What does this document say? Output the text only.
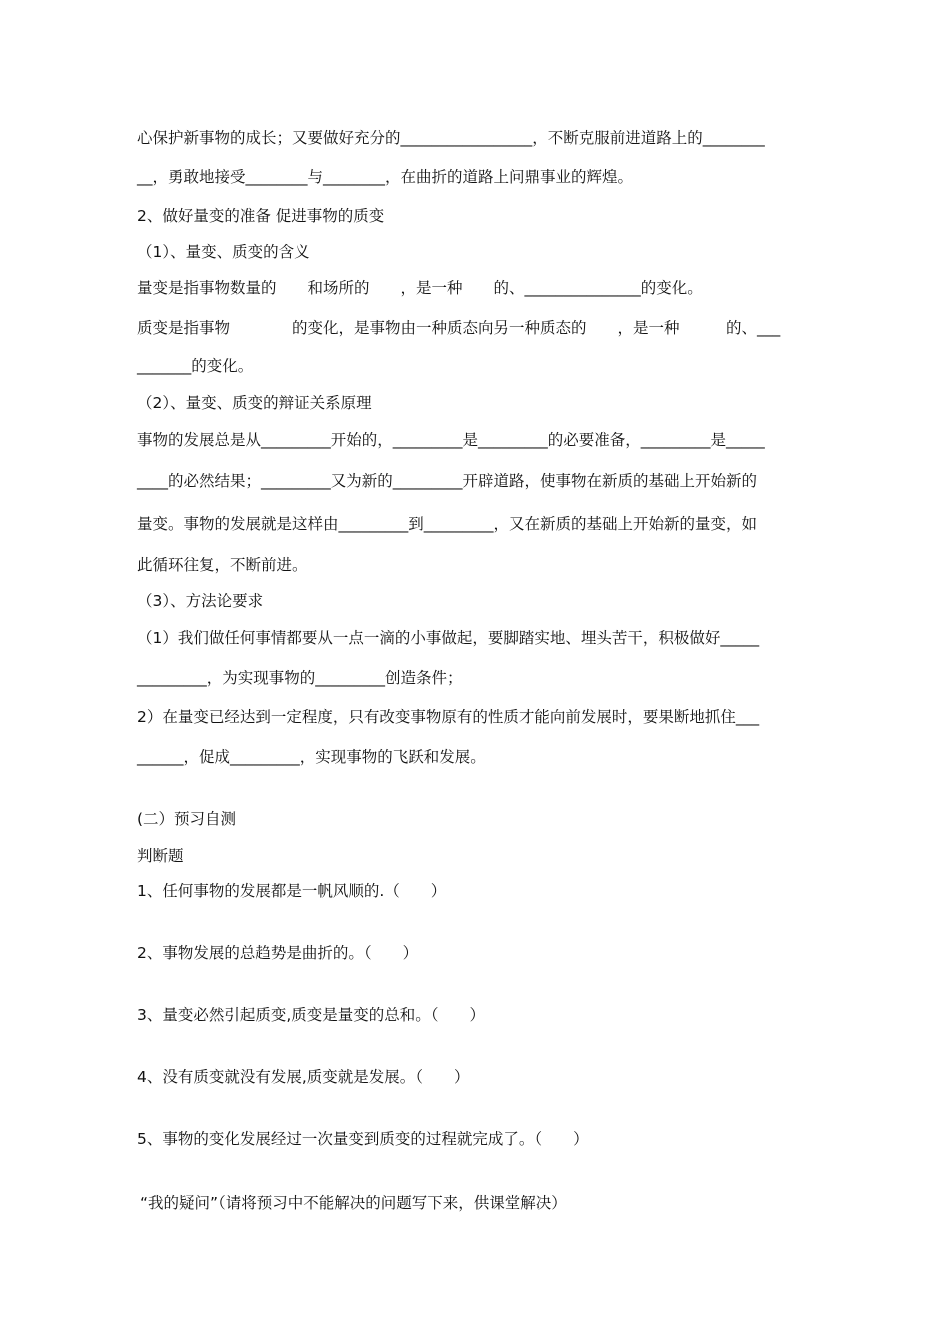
心保护新事物的成长；又要做好充分的_________________，不断克服前进道路上的________
__，勇敢地接受________与________，在曲折的道路上问鼎事业的辉煌。
2、做好量变的准备 促进事物的质变
（1）、量变、质变的含义
量变是指事物数量的　　和场所的　　，是一种　　的、_______________的变化。
质变是指事物　　　　的变化，是事物由一种质态向另一种质态的　　，是一种　　　的、___
_______的变化。
（2）、量变、质变的辩证关系原理
事物的发展总是从_________开始的，_________是_________的必要准备，_________是_____
____的必然结果；_________又为新的_________开辟道路，使事物在新质的基础上开始新的
量变。事物的发展就是这样由_________到_________，又在新质的基础上开始新的量变，如
此循环往复，不断前进。
（3）、方法论要求
（1）我们做任何事情都要从一点一滴的小事做起，要脚踏实地、埋头苦干，积极做好_____
_________，为实现事物的_________创造条件；
2）在量变已经达到一定程度，只有改变事物原有的性质才能向前发展时，要果断地抓住___
______，促成_________，实现事物的飞跃和发展。
(二）预习自测
判断题
1、任何事物的发展都是一帆风顺的.（　　）
2、事物发展的总趋势是曲折的。（　　）
3、量变必然引起质变,质变是量变的总和。（　　）
4、没有质变就没有发展,质变就是发展。（　　）
5、事物的变化发展经过一次量变到质变的过程就完成了。（　　）
“我的疑问”（请将预习中不能解决的问题写下来，供课堂解决）
